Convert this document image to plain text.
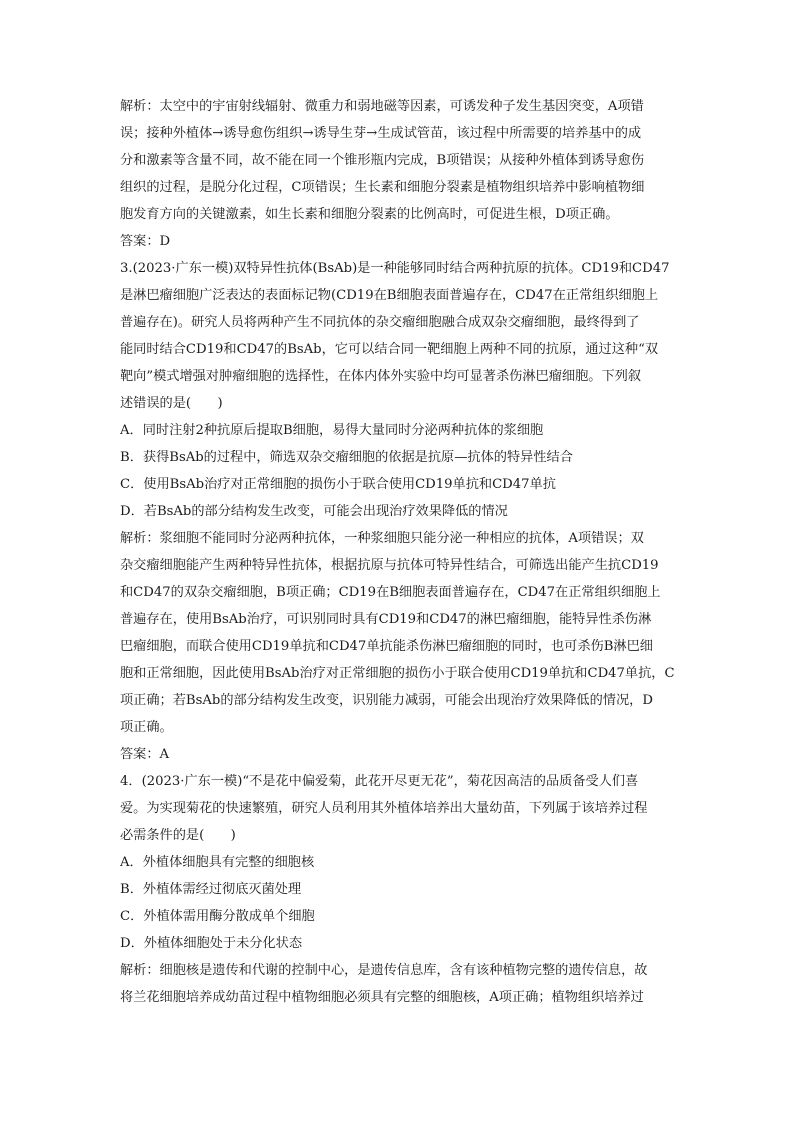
解析：太空中的宇宙射线辐射、微重力和弱地磁等因素，可诱发种子发生基因突变，A项错
误；接种外植体→诱导愈伤组织→诱导生芽→生成试管苗，该过程中所需要的培养基中的成
分和激素等含量不同，故不能在同一个锥形瓶内完成，B项错误；从接种外植体到诱导愈伤
组织的过程，是脱分化过程，C项错误；生长素和细胞分裂素是植物组织培养中影响植物细
胞发育方向的关键激素，如生长素和细胞分裂素的比例高时，可促进生根，D项正确。
答案：D
3.(2023·广东一模)双特异性抗体(BsAb)是一种能够同时结合两种抗原的抗体。CD19和CD47
是淋巴瘤细胞广泛表达的表面标记物(CD19在B细胞表面普遍存在，CD47在正常组织细胞上
普遍存在)。研究人员将两种产生不同抗体的杂交瘤细胞融合成双杂交瘤细胞，最终得到了
能同时结合CD19和CD47的BsAb，它可以结合同一靶细胞上两种不同的抗原，通过这种“双
靶向”模式增强对肿瘤细胞的选择性，在体内体外实验中均可显著杀伤淋巴瘤细胞。下列叙
述错误的是(　　)
A．同时注射2种抗原后提取B细胞，易得大量同时分泌两种抗体的浆细胞
B．获得BsAb的过程中，筛选双杂交瘤细胞的依据是抗原—抗体的特异性结合
C．使用BsAb治疗对正常细胞的损伤小于联合使用CD19单抗和CD47单抗
D．若BsAb的部分结构发生改变，可能会出现治疗效果降低的情况
解析：浆细胞不能同时分泌两种抗体，一种浆细胞只能分泌一种相应的抗体，A项错误；双
杂交瘤细胞能产生两种特异性抗体，根据抗原与抗体可特异性结合，可筛选出能产生抗CD19
和CD47的双杂交瘤细胞，B项正确；CD19在B细胞表面普遍存在，CD47在正常组织细胞上
普遍存在，使用BsAb治疗，可识别同时具有CD19和CD47的淋巴瘤细胞，能特异性杀伤淋
巴瘤细胞，而联合使用CD19单抗和CD47单抗能杀伤淋巴瘤细胞的同时，也可杀伤B淋巴细
胞和正常细胞，因此使用BsAb治疗对正常细胞的损伤小于联合使用CD19单抗和CD47单抗，C
项正确；若BsAb的部分结构发生改变，识别能力减弱，可能会出现治疗效果降低的情况，D
项正确。
答案：A
4．(2023·广东一模)“不是花中偏爱菊，此花开尽更无花”，菊花因高洁的品质备受人们喜
爱。为实现菊花的快速繁殖，研究人员利用其外植体培养出大量幼苗，下列属于该培养过程
必需条件的是(　　)
A．外植体细胞具有完整的细胞核
B．外植体需经过彻底灭菌处理
C．外植体需用酶分散成单个细胞
D．外植体细胞处于未分化状态
解析：细胞核是遗传和代谢的控制中心，是遗传信息库，含有该种植物完整的遗传信息，故
将兰花细胞培养成幼苗过程中植物细胞必须具有完整的细胞核，A项正确；植物组织培养过
